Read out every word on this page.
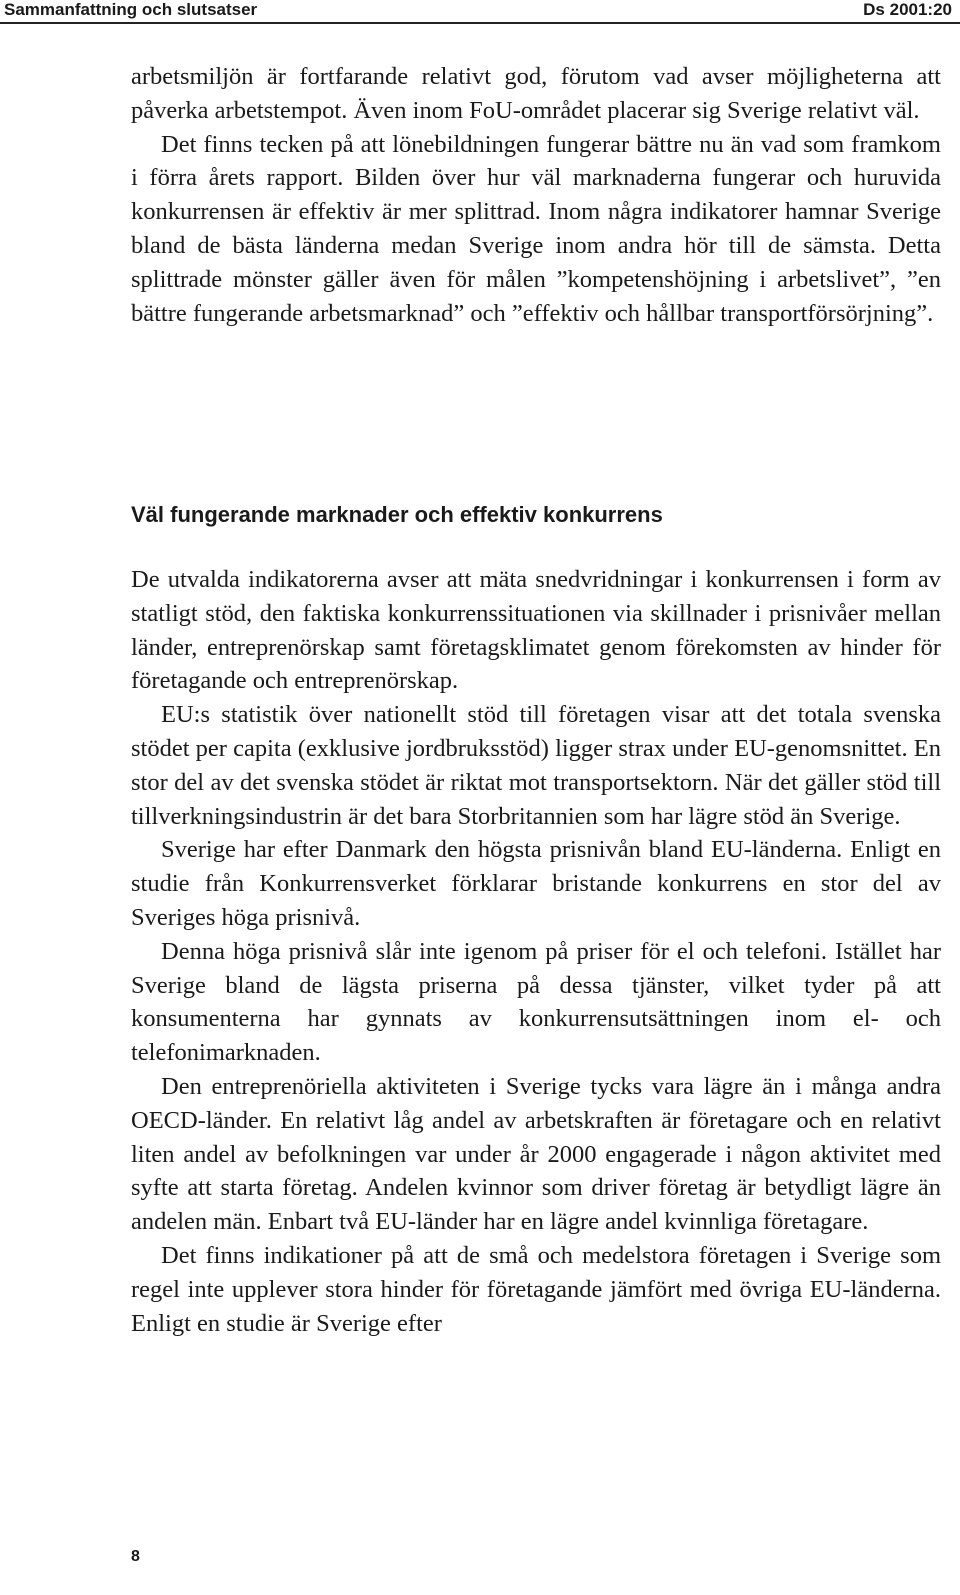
Sammanfattning och slutsatser	Ds 2001:20

arbetsmiljön är fortfarande relativt god, förutom vad avser möjligheterna att påverka arbetstempot. Även inom FoU-området placerar sig Sverige relativt väl.

Det finns tecken på att lönebildningen fungerar bättre nu än vad som framkom i förra årets rapport. Bilden över hur väl marknaderna fungerar och huruvida konkurrensen är effektiv är mer splittrad. Inom några indikatorer hamnar Sverige bland de bästa länderna medan Sverige inom andra hör till de sämsta. Detta splittrade mönster gäller även för målen ”kompetenshöjning i arbetslivet”, ”en bättre fungerande arbetsmarknad” och ”effektiv och hållbar transportförsörjning”.

Väl fungerande marknader och effektiv konkurrens

De utvalda indikatorerna avser att mäta snedvridningar i konkurrensen i form av statligt stöd, den faktiska konkurrenssituationen via skillnader i prisnivåer mellan länder, entreprenörskap samt företagsklimatet genom förekomsten av hinder för företagande och entreprenörskap.

EU:s statistik över nationellt stöd till företagen visar att det totala svenska stödet per capita (exklusive jordbruksstöd) ligger strax under EU-genomsnittet. En stor del av det svenska stödet är riktat mot transportsektorn. När det gäller stöd till tillverkningsindustrin är det bara Storbritannien som har lägre stöd än Sverige.

Sverige har efter Danmark den högsta prisnivån bland EU-länderna. Enligt en studie från Konkurrensverket förklarar bristande konkurrens en stor del av Sveriges höga prisnivå.

Denna höga prisnivå slår inte igenom på priser för el och telefoni. Istället har Sverige bland de lägsta priserna på dessa tjänster, vilket tyder på att konsumenterna har gynnats av konkurrensutsättningen inom el- och telefonimarknaden.

Den entreprenöriella aktiviteten i Sverige tycks vara lägre än i många andra OECD-länder. En relativt låg andel av arbetskraften är företagare och en relativt liten andel av befolkningen var under år 2000 engagerade i någon aktivitet med syfte att starta företag. Andelen kvinnor som driver företag är betydligt lägre än andelen män. Enbart två EU-länder har en lägre andel kvinnliga företagare.

Det finns indikationer på att de små och medelstora företagen i Sverige som regel inte upplever stora hinder för företagande jämfört med övriga EU-länderna. Enligt en studie är Sverige efter

8
